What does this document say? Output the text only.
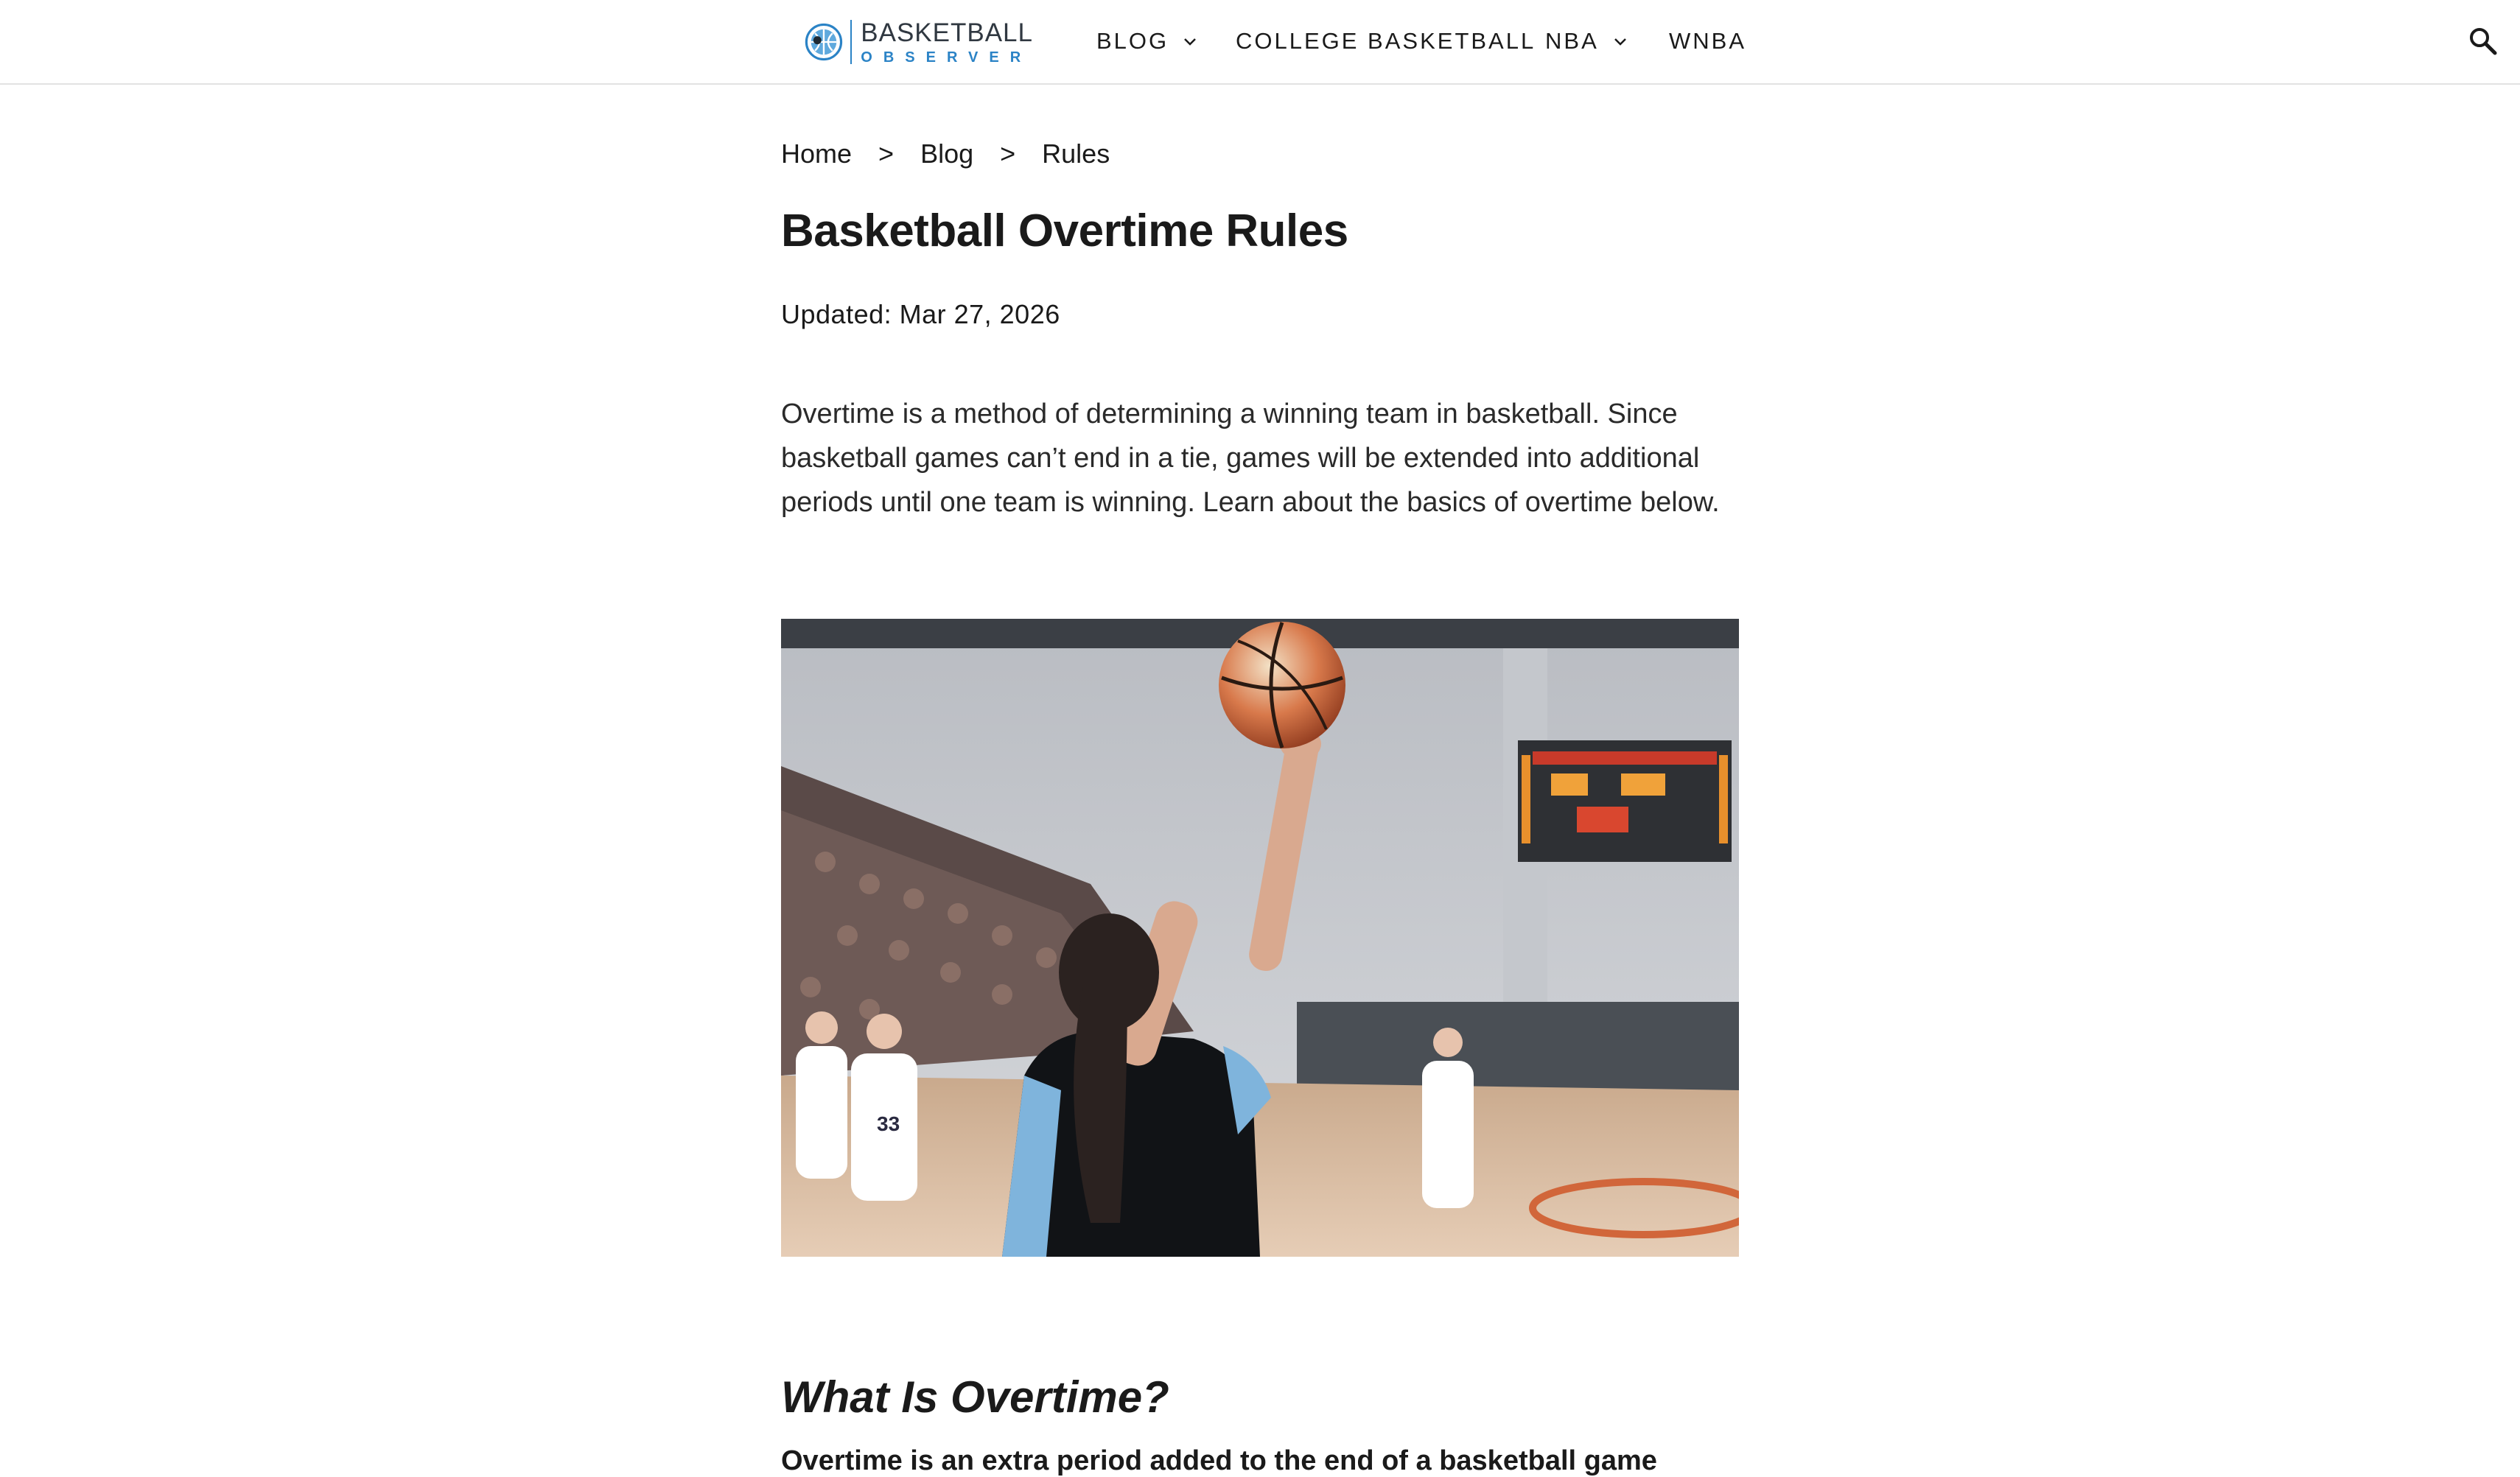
BASKETBALL
OBSERVER
BLOG	COLLEGE BASKETBALL NBA	WNBA
Home > Blog > Rules
Basketball Overtime Rules
Updated: Mar 27, 2026

Overtime is a method of determining a winning team in basketball. Since basketball games can’t end in a tie, games will be extended into additional periods until one team is winning. Learn about the basics of overtime below.

33
What Is Overtime?

Overtime is an extra period added to the end of a basketball game
